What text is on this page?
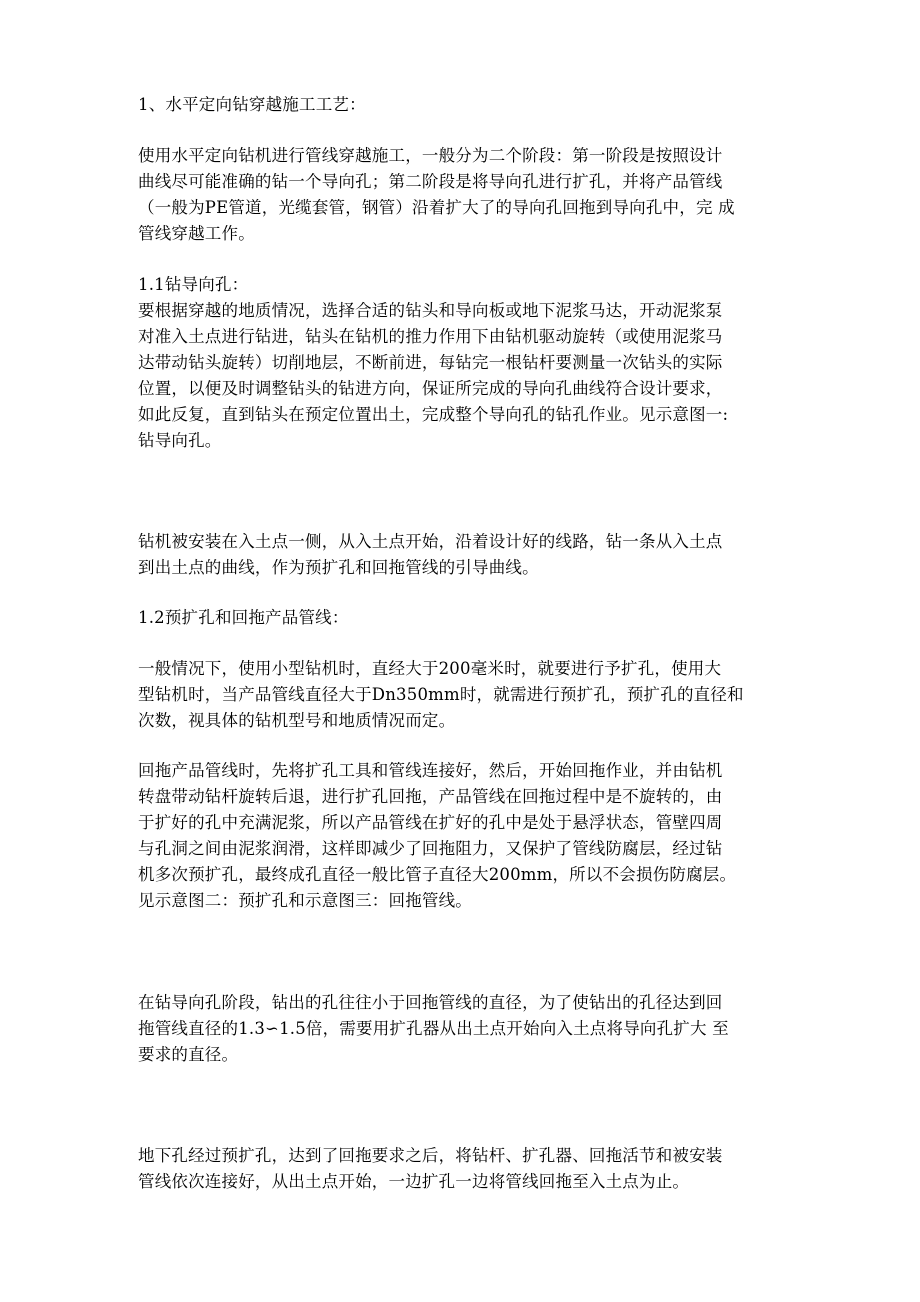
1、水平定向钻穿越施工工艺：

使用水平定向钻机进行管线穿越施工，一般分为二个阶段：第一阶段是按照设计

曲线尽可能准确的钻一个导向孔；第二阶段是将导向孔进行扩孔，并将产品管线

（一般为PE管道，光缆套管，钢管）沿着扩大了的导向孔回拖到导向孔中，完 成

管线穿越工作。

1.1钻导向孔：

要根据穿越的地质情况，选择合适的钻头和导向板或地下泥浆马达，开动泥浆泵

对准入土点进行钻进，钻头在钻机的推力作用下由钻机驱动旋转（或使用泥浆马

达带动钻头旋转）切削地层，不断前进，每钻完一根钻杆要测量一次钻头的实际

位置，以便及时调整钻头的钻进方向，保证所完成的导向孔曲线符合设计要求，

如此反复，直到钻头在预定位置出土，完成整个导向孔的钻孔作业。见示意图一:

钻导向孔。

钻机被安装在入土点一侧，从入土点开始，沿着设计好的线路，钻一条从入土点

到出土点的曲线，作为预扩孔和回拖管线的引导曲线。

1.2预扩孔和回拖产品管线：

一般情况下，使用小型钻机时，直经大于200毫米时，就要进行予扩孔，使用大

型钻机时，当产品管线直径大于Dn350mm时，就需进行预扩孔，预扩孔的直径和

次数，视具体的钻机型号和地质情况而定。

回拖产品管线时，先将扩孔工具和管线连接好，然后，开始回拖作业，并由钻机

转盘带动钻杆旋转后退，进行扩孔回拖，产品管线在回拖过程中是不旋转的，由

于扩好的孔中充满泥浆，所以产品管线在扩好的孔中是处于悬浮状态，管壁四周

与孔洞之间由泥浆润滑，这样即减少了回拖阻力，又保护了管线防腐层，经过钻

机多次预扩孔，最终成孔直径一般比管子直径大200mm，所以不会损伤防腐层。

见示意图二：预扩孔和示意图三：回拖管线。

在钻导向孔阶段，钻出的孔往往小于回拖管线的直径，为了使钻出的孔径达到回

拖管线直径的1.3∽1.5倍，需要用扩孔器从出土点开始向入土点将导向孔扩大 至

要求的直径。

地下孔经过预扩孔，达到了回拖要求之后，将钻杆、扩孔器、回拖活节和被安装

管线依次连接好，从出土点开始，一边扩孔一边将管线回拖至入土点为止。
